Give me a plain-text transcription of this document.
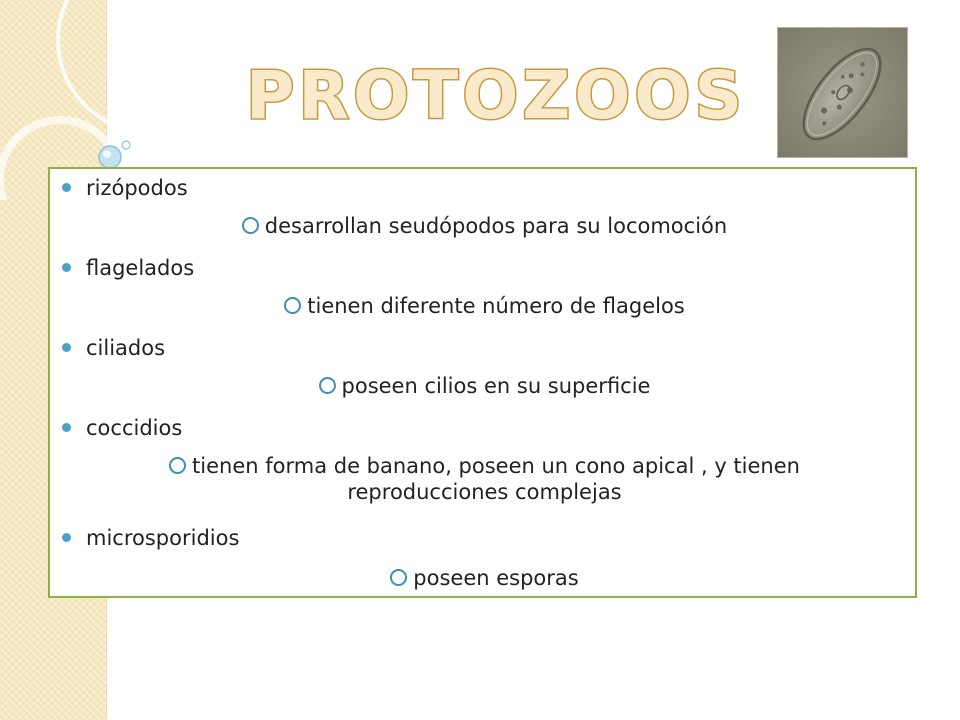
PROTOZOOS
rizópodos
desarrollan seudópodos para su locomoción
flagelados
tienen diferente número de flagelos
ciliados
poseen cilios en su superficie
coccidios
tienen forma de banano, poseen un cono apical , y tienen
reproducciones complejas
microsporidios
poseen esporas
